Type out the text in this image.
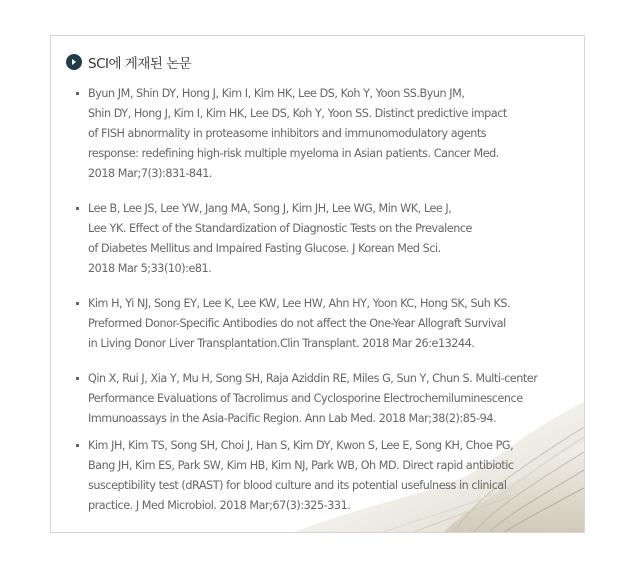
SCI에 게재된 논문
Byun JM, Shin DY, Hong J, Kim I, Kim HK, Lee DS, Koh Y, Yoon SS.Byun JM,
Shin DY, Hong J, Kim I, Kim HK, Lee DS, Koh Y, Yoon SS. Distinct predictive impact
of FISH abnormality in proteasome inhibitors and immunomodulatory agents
response: redefining high-risk multiple myeloma in Asian patients. Cancer Med.
2018 Mar;7(3):831-841.
Lee B, Lee JS, Lee YW, Jang MA, Song J, Kim JH, Lee WG, Min WK, Lee J,
Lee YK. Effect of the Standardization of Diagnostic Tests on the Prevalence
of Diabetes Mellitus and Impaired Fasting Glucose. J Korean Med Sci.
2018 Mar 5;33(10):e81.
Kim H, Yi NJ, Song EY, Lee K, Lee KW, Lee HW, Ahn HY, Yoon KC, Hong SK, Suh KS.
Preformed Donor-Specific Antibodies do not affect the One-Year Allograft Survival
in Living Donor Liver Transplantation.Clin Transplant. 2018 Mar 26:e13244.
Qin X, Rui J, Xia Y, Mu H, Song SH, Raja Aziddin RE, Miles G, Sun Y, Chun S. Multi-center
Performance Evaluations of Tacrolimus and Cyclosporine Electrochemiluminescence
Immunoassays in the Asia-Pacific Region. Ann Lab Med. 2018 Mar;38(2):85-94.
Kim JH, Kim TS, Song SH, Choi J, Han S, Kim DY, Kwon S, Lee E, Song KH, Choe PG,
Bang JH, Kim ES, Park SW, Kim HB, Kim NJ, Park WB, Oh MD. Direct rapid antibiotic
susceptibility test (dRAST) for blood culture and its potential usefulness in clinical
practice. J Med Microbiol. 2018 Mar;67(3):325-331.
